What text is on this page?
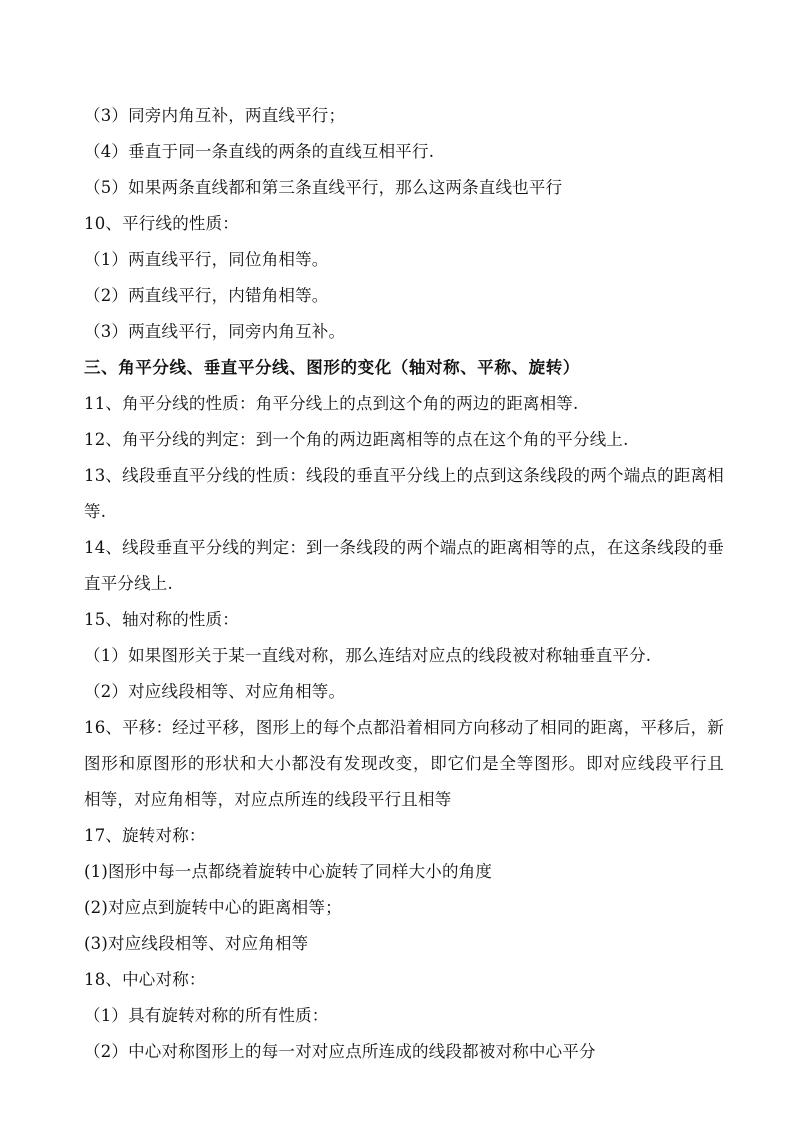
（3）同旁内角互补，两直线平行；
（4）垂直于同一条直线的两条的直线互相平行.
（5）如果两条直线都和第三条直线平行，那么这两条直线也平行
10、平行线的性质：
（1）两直线平行，同位角相等。
（2）两直线平行，内错角相等。
（3）两直线平行，同旁内角互补。
三、角平分线、垂直平分线、图形的变化（轴对称、平称、旋转）
11、角平分线的性质：角平分线上的点到这个角的两边的距离相等.
12、角平分线的判定：到一个角的两边距离相等的点在这个角的平分线上.
13、线段垂直平分线的性质：线段的垂直平分线上的点到这条线段的两个端点的距离相等.
14、线段垂直平分线的判定：到一条线段的两个端点的距离相等的点，在这条线段的垂直平分线上.
15、轴对称的性质：
（1）如果图形关于某一直线对称，那么连结对应点的线段被对称轴垂直平分.
（2）对应线段相等、对应角相等。
16、平移：经过平移，图形上的每个点都沿着相同方向移动了相同的距离，平移后，新图形和原图形的形状和大小都没有发现改变，即它们是全等图形。即对应线段平行且 相等，对应角相等，对应点所连的线段平行且相等
17、旋转对称：
(1)图形中每一点都绕着旋转中心旋转了同样大小的角度
(2)对应点到旋转中心的距离相等；
(3)对应线段相等、对应角相等
18、中心对称：
（1）具有旋转对称的所有性质：
（2）中心对称图形上的每一对对应点所连成的线段都被对称中心平分
